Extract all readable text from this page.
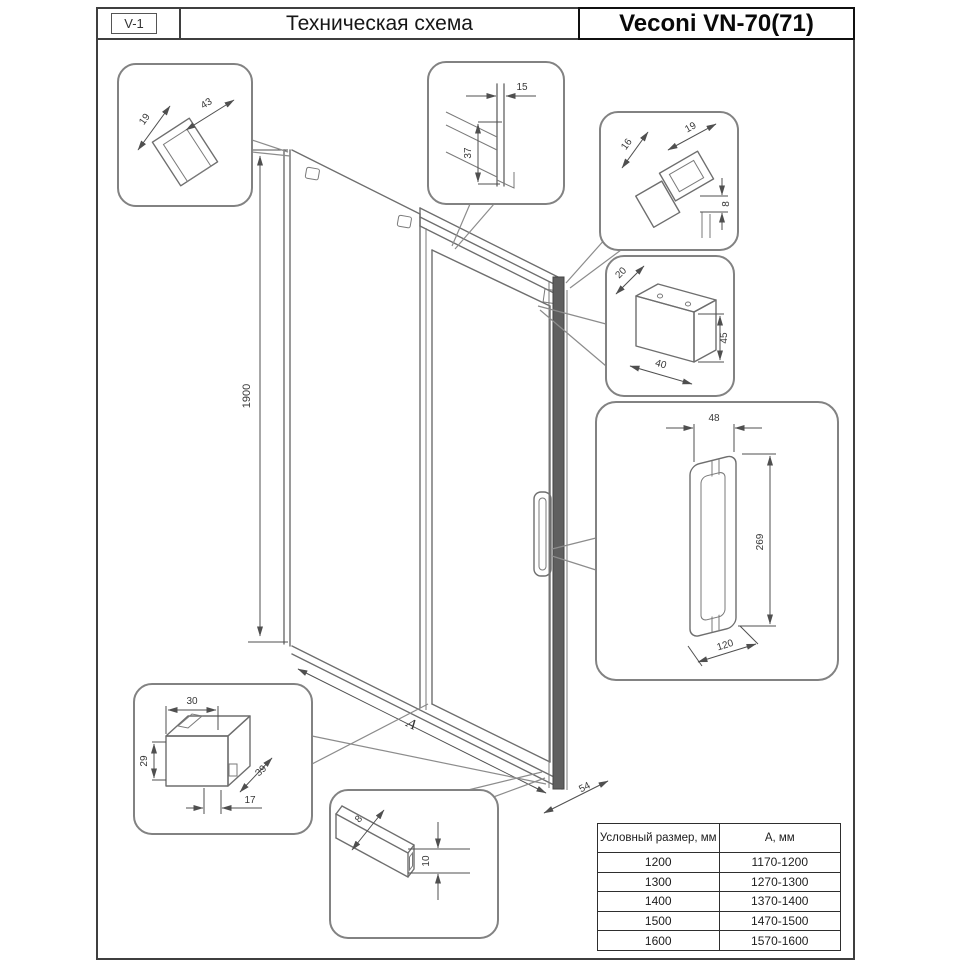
V-1	Техническая схема	Veconi VN-70(71)
1900
A
54
19
43
15
37
16
19
8
20
45
40
48
269
120
30
29
39
17
8
10
Условный размер, мм	А, мм
1200	1170-1200
1300	1270-1300
1400	1370-1400
1500	1470-1500
1600	1570-1600
